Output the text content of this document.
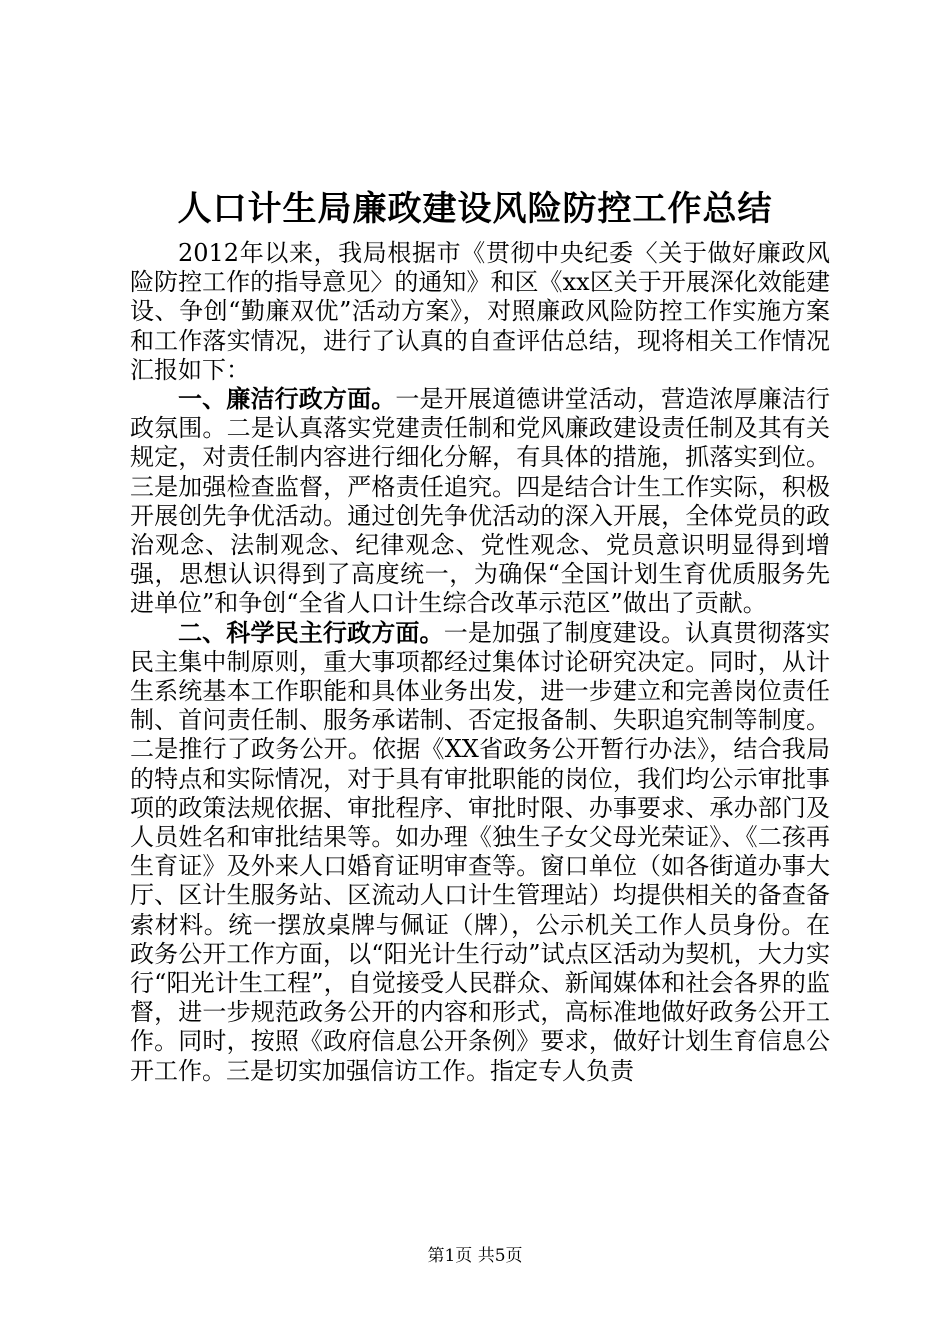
人口计生局廉政建设风险防控工作总结

2012年以来，我局根据市《贯彻中央纪委〈关于做好廉政风险防控工作的指导意见〉的通知》和区《xx区关于开展深化效能建设、争创“勤廉双优”活动方案》，对照廉政风险防控工作实施方案和工作落实情况，进行了认真的自查评估总结，现将相关工作情况汇报如下：

一、廉洁行政方面。一是开展道德讲堂活动，营造浓厚廉洁行政氛围。二是认真落实党建责任制和党风廉政建设责任制及其有关规定，对责任制内容进行细化分解，有具体的措施，抓落实到位。三是加强检查监督，严格责任追究。四是结合计生工作实际，积极开展创先争优活动。通过创先争优活动的深入开展，全体党员的政治观念、法制观念、纪律观念、党性观念、党员意识明显得到增强，思想认识得到了高度统一，为确保“全国计划生育优质服务先进单位”和争创“全省人口计生综合改革示范区”做出了贡献。

二、科学民主行政方面。一是加强了制度建设。认真贯彻落实民主集中制原则，重大事项都经过集体讨论研究决定。同时，从计生系统基本工作职能和具体业务出发，进一步建立和完善岗位责任制、首问责任制、服务承诺制、否定报备制、失职追究制等制度。二是推行了政务公开。依据《XX省政务公开暂行办法》，结合我局的特点和实际情况，对于具有审批职能的岗位，我们均公示审批事项的政策法规依据、审批程序、审批时限、办事要求、承办部门及人员姓名和审批结果等。如办理《独生子女父母光荣证》、《二孩再生育证》及外来人口婚育证明审查等。窗口单位（如各街道办事大厅、区计生服务站、区流动人口计生管理站）均提供相关的备查备索材料。统一摆放桌牌与佩证（牌），公示机关工作人员身份。在政务公开工作方面，以“阳光计生行动”试点区活动为契机，大力实行“阳光计生工程”，自觉接受人民群众、新闻媒体和社会各界的监督，进一步规范政务公开的内容和形式，高标准地做好政务公开工作。同时，按照《政府信息公开条例》要求，做好计划生育信息公开工作。三是切实加强信访工作。指定专人负责

第1页 共5页
